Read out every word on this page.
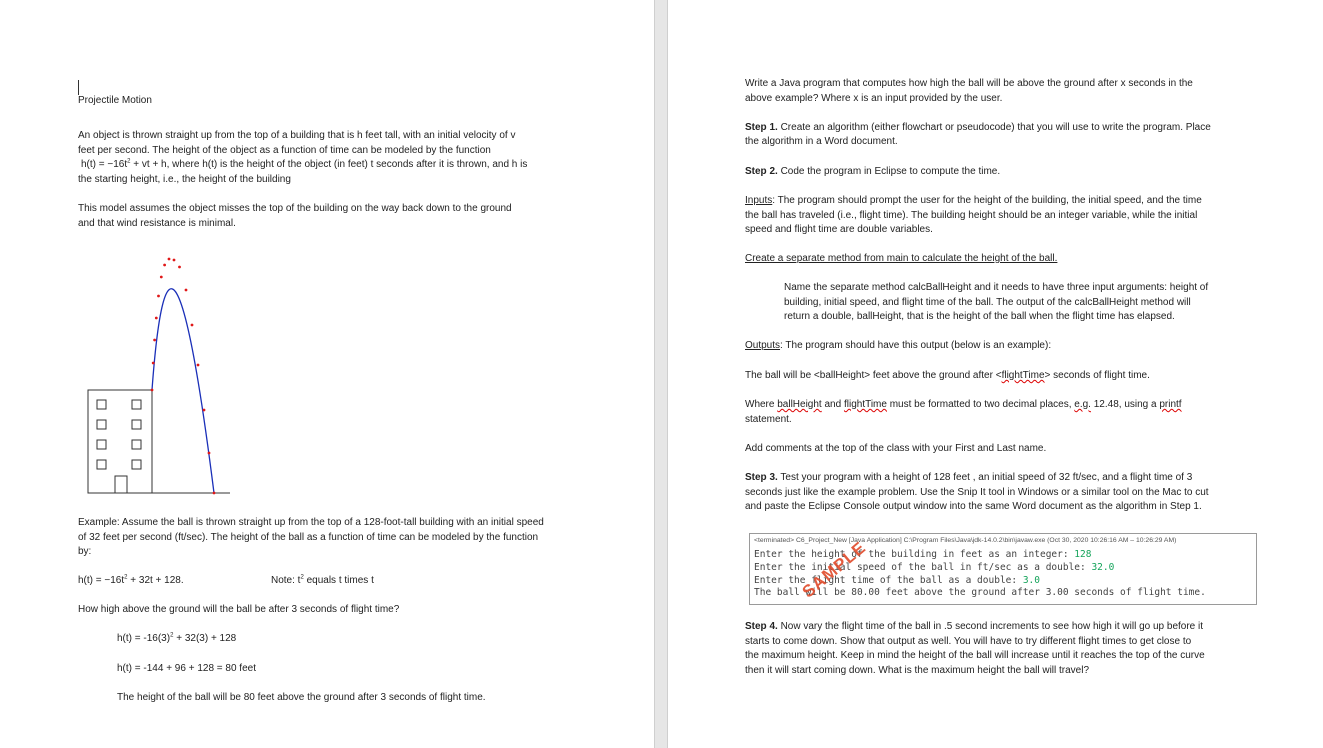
Projectile Motion

An object is thrown straight up from the top of a building that is h feet tall, with an initial velocity of v

feet per second. The height of the object as a function of time can be modeled by the function

$h(t) = -16t^2$ + vt + h, where h(t) is the height of the object (in feet) t seconds after it is thrown, and h is

the starting height, i.e., the height of the building

This model assumes the object misses the top of the building on the way back down to the ground

and that wind resistance is minimal.

Example: Assume the ball is thrown straight up from the top of a 128-foot-tall building with an initial speed

of 32 feet per second (ft/sec). The height of the ball as a function of time can be modeled by the function

by:

$h(t) = -16t^2 + 32t + 128$.	Note: $t^2$ equals t times t

How high above the ground will the ball be after 3 seconds of flight time?

$h(t) = -16(3)^2 + 32(3) + 128$

h(t) = -144 + 96 + 128 = 80 feet

The height of the ball will be 80 feet above the ground after 3 seconds of flight time.

Write a Java program that computes how high the ball will be above the ground after x seconds in the

above example? Where x is an input provided by the user.

Step 1. Create an algorithm (either flowchart or pseudocode) that you will use to write the program. Place

the algorithm in a Word document.

Step 2. Code the program in Eclipse to compute the time.

Inputs: The program should prompt the user for the height of the building, the initial speed, and the time

the ball has traveled (i.e., flight time). The building height should be an integer variable, while the initial

speed and flight time are double variables.

Create a separate method from main to calculate the height of the ball.

Name the separate method calcBallHeight and it needs to have three input arguments: height of

building, initial speed, and flight time of the ball. The output of the calcBallHeight method will

return a double, ballHeight, that is the height of the ball when the flight time has elapsed.

Outputs: The program should have this output (below is an example):

The ball will be <ballHeight> feet above the ground after <flightTime> seconds of flight time.

Where ballHeight and flightTime must be formatted to two decimal places, e.g. 12.48, using a printf

statement.

Add comments at the top of the class with your First and Last name.

Step 3. Test your program with a height of 128 feet , an initial speed of 32 ft/sec, and a flight time of 3

seconds just like the example problem. Use the Snip It tool in Windows or a similar tool on the Mac to cut

and paste the Eclipse Console output window into the same Word document as the algorithm in Step 1.

<terminated> C6_Project_New [Java Application] C:\Program Files\Java\jdk-14.0.2\bin\javaw.exe (Oct 30, 2020 10:26:16 AM – 10:26:29 AM)
Enter the height of the building in feet as an integer: 128
Enter the initial speed of the ball in ft/sec as a double: 32.0
Enter the flight time of the ball as a double: 3.0
The ball will be 80.00 feet above the ground after 3.00 seconds of flight time.
SAMPLE

Step 4. Now vary the flight time of the ball in .5 second increments to see how high it will go up before it

starts to come down. Show that output as well. You will have to try different flight times to get close to

the maximum height. Keep in mind the height of the ball will increase until it reaches the top of the curve

then it will start coming down. What is the maximum height the ball will travel?
